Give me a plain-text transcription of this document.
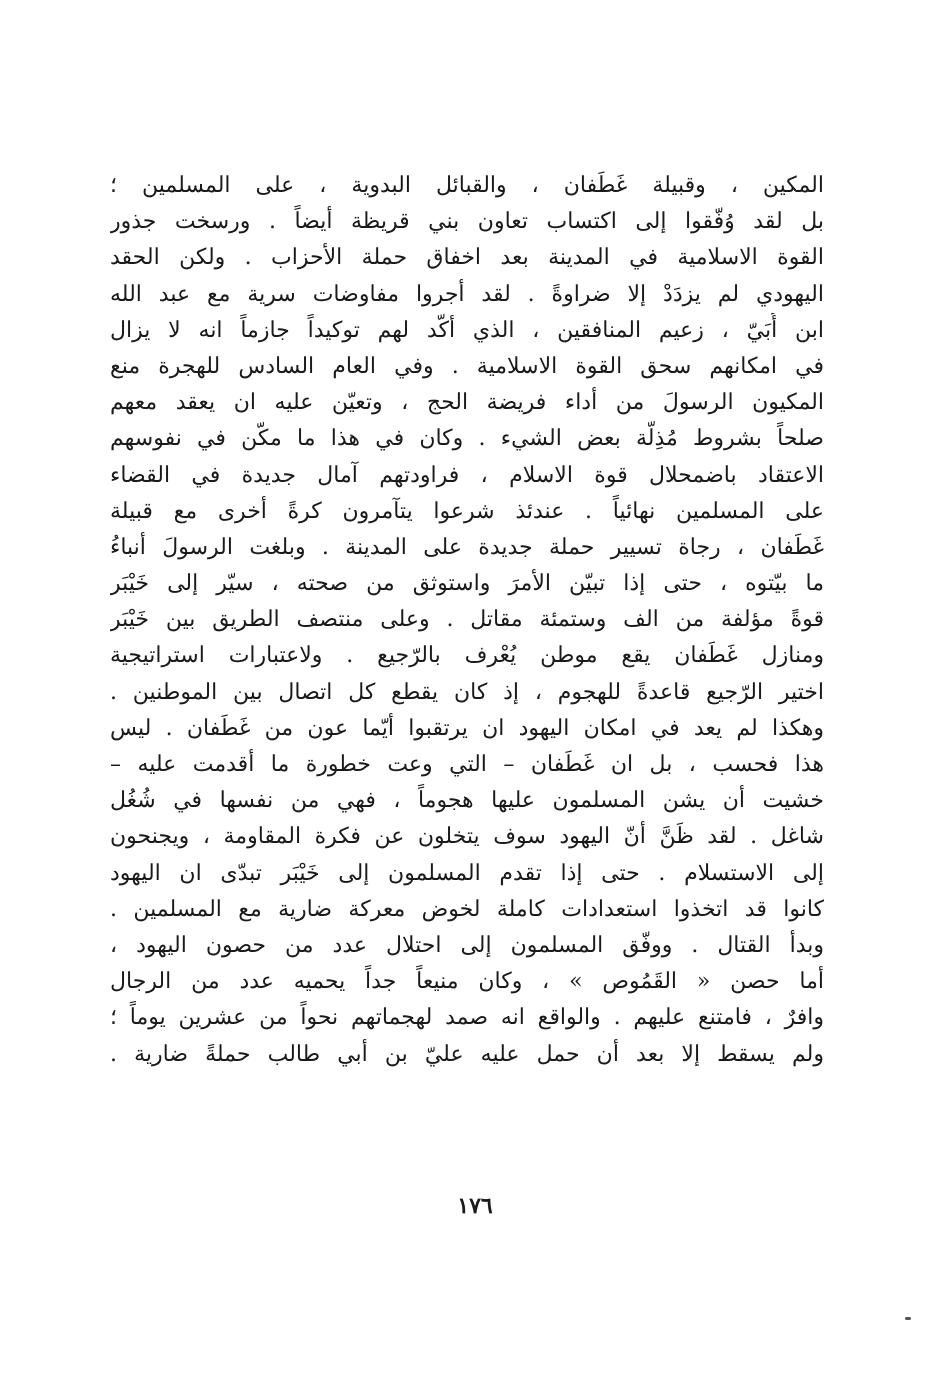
المكين ، وقبيلة غَطَفان ، والقبائل البدوية ، على المسلمين ؛
بل لقد وُفّقوا إلى اكتساب تعاون بني قريظة أيضاً . ورسخت جذور
القوة الاسلامية في المدينة بعد اخفاق حملة الأحزاب . ولكن الحقد
اليهودي لم يزدَدْ إلا ضراوةً . لقد أجروا مفاوضات سرية مع عبد الله
ابن أُبَيّ ، زعيم المنافقين ، الذي أكّد لهم توكيداً جازماً انه لا يزال
في امكانهم سحق القوة الاسلامية . وفي العام السادس للهجرة منع
المكيون الرسولَ من أداء فريضة الحج ، وتعيّن عليه ان يعقد معهم
صلحاً بشروط مُذِلّة بعض الشيء . وكان في هذا ما مكّن في نفوسهم
الاعتقاد باضمحلال قوة الاسلام ، فراودتهم آمال جديدة في القضاء
على المسلمين نهائياً . عندئذ شرعوا يتآمرون كرةً أخرى مع قبيلة
غَطَفان ، رجاة تسيير حملة جديدة على المدينة . وبلغت الرسولَ أنباءُ
ما بيّتوه ، حتى إذا تبيّن الأمرَ واستوثق من صحته ، سيّر إلى خَيْبَر
قوةً مؤلفة من الف وستمئة مقاتل . وعلى منتصف الطريق بين خَيْبَر
ومنازل غَطَفان يقع موطن يُعْرف بالرّجيع . ولاعتبارات استراتيجية
اختير الرّجيع قاعدةً للهجوم ، إذ كان يقطع كل اتصال بين الموطنين .
وهكذا لم يعد في امكان اليهود ان يرتقبوا أيّما عون من غَطَفان . ليس
هذا فحسب ، بل ان غَطَفان – التي وعت خطورة ما أقدمت عليه –
خشيت أن يشن المسلمون عليها هجوماً ، فهي من نفسها في شُغُل
شاغل . لقد ظَنَّ أنّ اليهود سوف يتخلون عن فكرة المقاومة ، ويجنحون
إلى الاستسلام . حتى إذا تقدم المسلمون إلى خَيْبَر تبدّى ان اليهود
كانوا قد اتخذوا استعدادات كاملة لخوض معركة ضارية مع المسلمين .
وبدأ القتال . ووفّق المسلمون إلى احتلال عدد من حصون اليهود ،
أما حصن « القَمُوص » ، وكان منيعاً جداً يحميه عدد من الرجال
وافرٌ ، فامتنع عليهم . والواقع انه صمد لهجماتهم نحواً من عشرين يوماً ؛
ولم يسقط إلا بعد أن حمل عليه عليّ بن أبي طالب حملةً ضارية .
١٧٦
